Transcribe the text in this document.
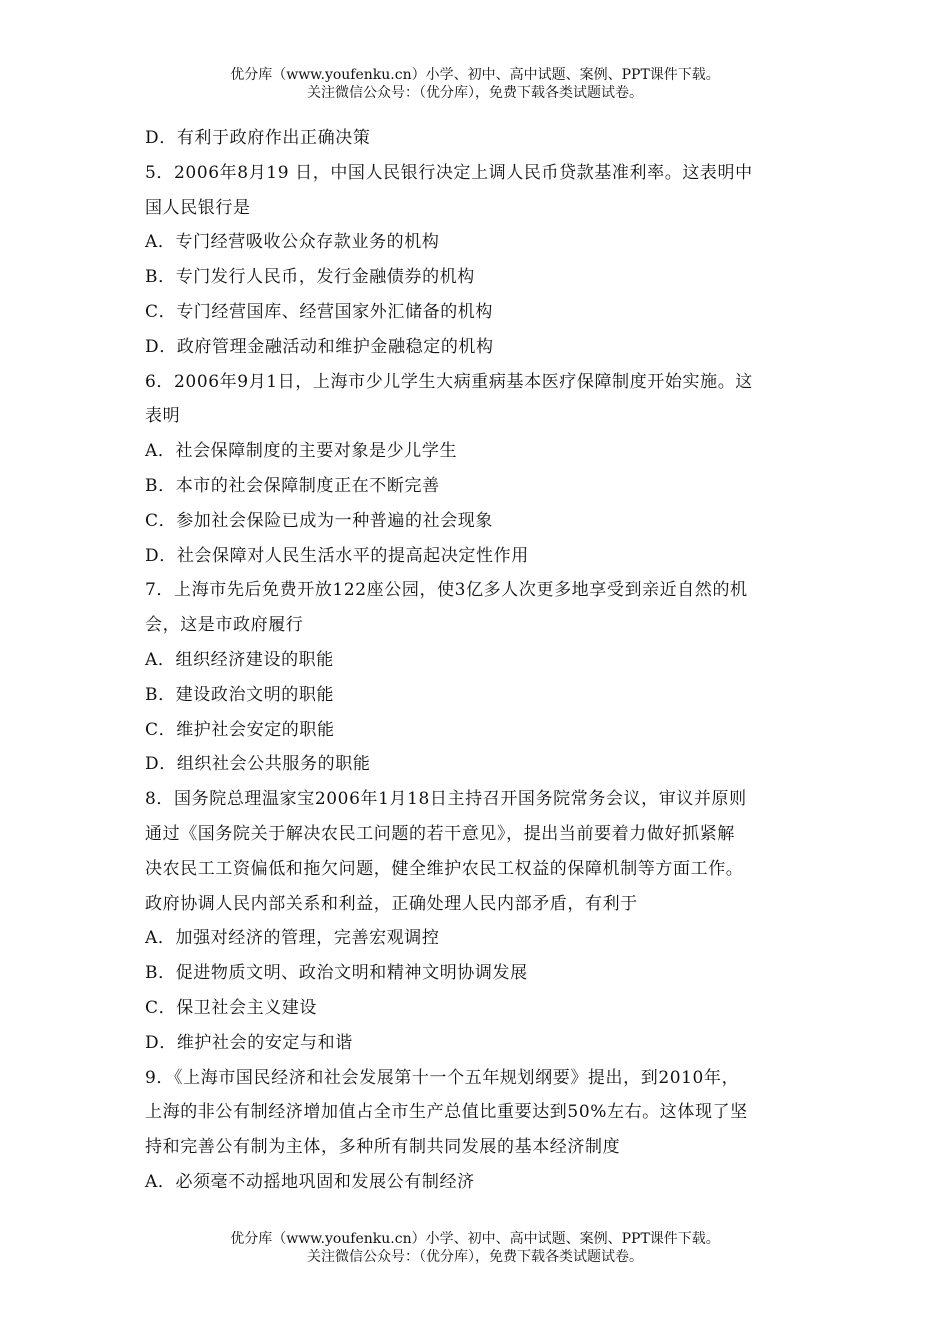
优分库（www.youfenku.cn）小学、初中、高中试题、案例、PPT课件下载。
关注微信公众号：（优分库），免费下载各类试题试卷。
D．有利于政府作出正确决策
5．2006年8月19 日，中国人民银行决定上调人民币贷款基准利率。这表明中
国人民银行是
A．专门经营吸收公众存款业务的机构
B．专门发行人民币，发行金融债券的机构
C．专门经营国库、经营国家外汇储备的机构
D．政府管理金融活动和维护金融稳定的机构
6．2006年9月1日，上海市少儿学生大病重病基本医疗保障制度开始实施。这
表明
A．社会保障制度的主要对象是少儿学生
B．本市的社会保障制度正在不断完善
C．参加社会保险已成为一种普遍的社会现象
D．社会保障对人民生活水平的提高起决定性作用
7．上海市先后免费开放122座公园，使3亿多人次更多地享受到亲近自然的机
会，这是市政府履行
A．组织经济建设的职能
B．建设政治文明的职能
C．维护社会安定的职能
D．组织社会公共服务的职能
8．国务院总理温家宝2006年1月18日主持召开国务院常务会议，审议并原则
通过《国务院关于解决农民工问题的若干意见》，提出当前要着力做好抓紧解
决农民工工资偏低和拖欠问题，健全维护农民工权益的保障机制等方面工作。
政府协调人民内部关系和利益，正确处理人民内部矛盾，有利于
A．加强对经济的管理，完善宏观调控
B．促进物质文明、政治文明和精神文明协调发展
C．保卫社会主义建设
D．维护社会的安定与和谐
9．《上海市国民经济和社会发展第十一个五年规划纲要》提出，到2010年，
上海的非公有制经济增加值占全市生产总值比重要达到50%左右。这体现了坚
持和完善公有制为主体，多种所有制共同发展的基本经济制度
A．必须毫不动摇地巩固和发展公有制经济
优分库（www.youfenku.cn）小学、初中、高中试题、案例、PPT课件下载。
关注微信公众号：（优分库），免费下载各类试题试卷。
